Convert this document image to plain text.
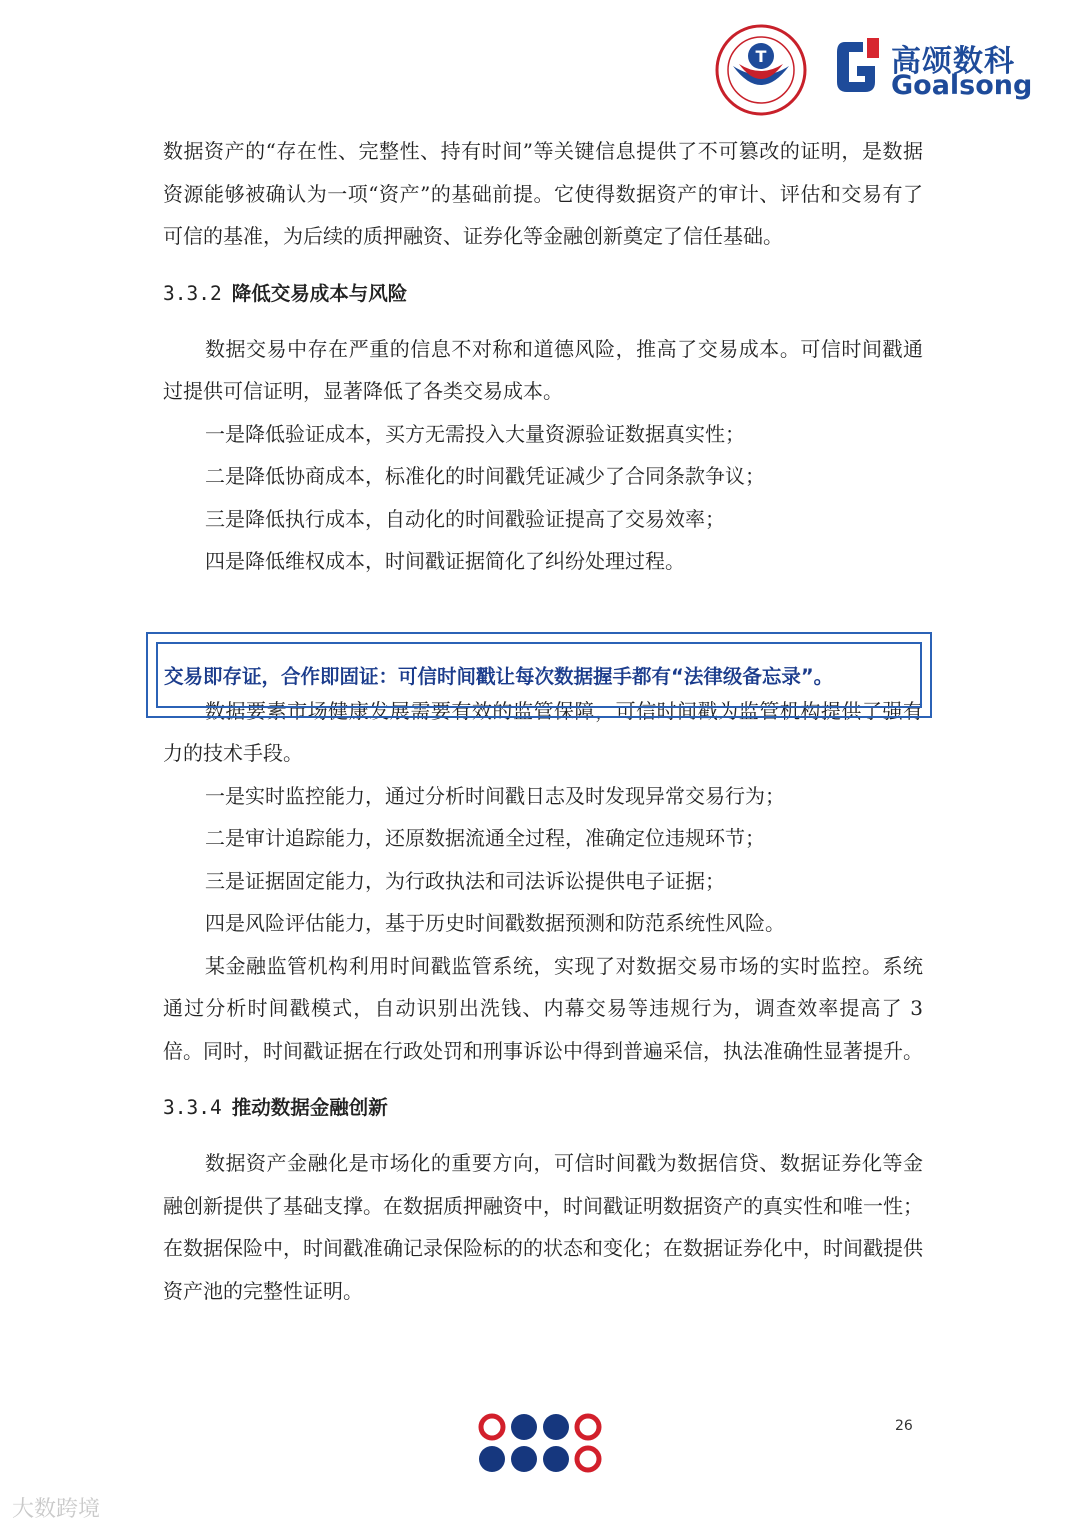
T	高颂数科
Goalsong

数据资产的“存在性、完整性、持有时间”等关键信息提供了不可篡改的证明，是数据资源能够被确认为一项“资产”的基础前提。它使得数据资产的审计、评估和交易有了可信的基准，为后续的质押融资、证券化等金融创新奠定了信任基础。

3.3.2 降低交易成本与风险

数据交易中存在严重的信息不对称和道德风险，推高了交易成本。可信时间戳通过提供可信证明，显著降低了各类交易成本。

一是降低验证成本，买方无需投入大量资源验证数据真实性；

二是降低协商成本，标准化的时间戳凭证减少了合同条款争议；

三是降低执行成本，自动化的时间戳验证提高了交易效率；

四是降低维权成本，时间戳证据简化了纠纷处理过程。

数据要素市场健康发展需要有效的监管保障，可信时间戳为监管机构提供了强有力的技术手段。

一是实时监控能力，通过分析时间戳日志及时发现异常交易行为；

二是审计追踪能力，还原数据流通全过程，准确定位违规环节；

三是证据固定能力，为行政执法和司法诉讼提供电子证据；

四是风险评估能力，基于历史时间戳数据预测和防范系统性风险。

某金融监管机构利用时间戳监管系统，实现了对数据交易市场的实时监控。系统通过分析时间戳模式，自动识别出洗钱、内幕交易等违规行为，调查效率提高了 3 倍。同时，时间戳证据在行政处罚和刑事诉讼中得到普遍采信，执法准确性显著提升。

3.3.4 推动数据金融创新

数据资产金融化是市场化的重要方向，可信时间戳为数据信贷、数据证券化等金融创新提供了基础支撑。在数据质押融资中，时间戳证明数据资产的真实性和唯一性；在数据保险中，时间戳准确记录保险标的的状态和变化；在数据证券化中，时间戳提供资产池的完整性证明。

交易即存证，合作即固证：可信时间戳让每次数据握手都有“法律级备忘录”。
26
大数跨境
